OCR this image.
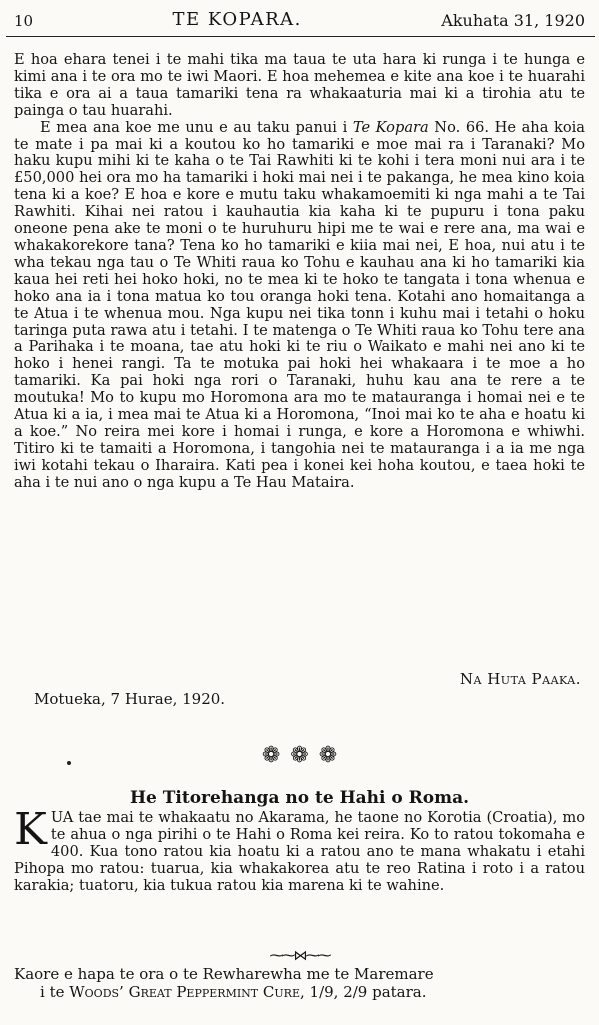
10	TE KOPARA.	Akuhata 31, 1920

E hoa ehara tenei i te mahi tika ma taua te uta hara ki runga i te hunga e kimi ana i te ora mo te iwi Maori. E hoa mehemea e kite ana koe i te huarahi tika e ora ai a taua tamariki tena ra whakaaturia mai ki a tirohia atu te painga o tau huarahi.

E mea ana koe me unu e au taku panui i Te Kopara No. 66. He aha koia te mate i pa mai ki a koutou ko ho tamariki e moe mai ra i Taranaki? Mo haku kupu mihi ki te kaha o te Tai Rawhiti ki te kohi i tera moni nui ara i te £50,000 hei ora mo ha tamariki i hoki mai nei i te pakanga, he mea kino koia tena ki a koe? E hoa e kore e mutu taku whakamoemiti ki nga mahi a te Tai Rawhiti. Kihai nei ratou i kauhautia kia kaha ki te pupuru i tona paku oneone pena ake te moni o te huruhuru hipi me te wai e rere ana, ma wai e whakakorekore tana? Tena ko ho tamariki e kiia mai nei, E hoa, nui atu i te wha tekau nga tau o Te Whiti raua ko Tohu e kauhau ana ki ho tamariki kia kaua hei reti hei hoko hoki, no te mea ki te hoko te tangata i tona whenua e hoko ana ia i tona matua ko tou oranga hoki tena. Kotahi ano homaitanga a te Atua i te whenua mou. Nga kupu nei tika tonn i kuhu mai i tetahi o hoku taringa puta rawa atu i tetahi. I te matenga o Te Whiti raua ko Tohu tere ana a Parihaka i te moana, tae atu hoki ki te riu o Waikato e mahi nei ano ki te hoko i henei rangi. Ta te motuka pai hoki hei whakaara i te moe a ho tamariki. Ka pai hoki nga rori o Taranaki, huhu kau ana te rere a te moutuka! Mo to kupu mo Horomona ara mo te matauranga i homai nei e te Atua ki a ia, i mea mai te Atua ki a Horomona, “Inoi mai ko te aha e hoatu ki a koe.” No reira mei kore i homai i runga, e kore a Horomona e whiwhi. Titiro ki te tamaiti a Horomona, i tangohia nei te matauranga i a ia me nga iwi kotahi tekau o Iharaira. Kati pea i konei kei hoha koutou, e taea hoki te aha i te nui ano o nga kupu a Te Hau Mataira.

Motueka, 7 Hurae, 1920.
Na Huta Paaka.
❁ ❁ ❁
He Titorehanga no te Hahi o Roma.

KUA tae mai te whakaatu no Akarama, he taone no Korotia (Croatia), mo te ahua o nga pirihi o te Hahi o Roma kei reira. Ko to ratou tokomaha e 400. Kua tono ratou kia hoatu ki a ratou ano te mana whakatu i etahi Pihopa mo ratou: tuarua, kia whakakorea atu te reo Ratina i roto i a ratou karakia; tuatoru, kia tukua ratou kia marena ki te wahine.

⁓⁓⋈⁓⁓
Kaore e hapa te ora o te Rewharewha me te Maremare
i te Woods’ Great Peppermint Cure, 1/9, 2/9 patara.
